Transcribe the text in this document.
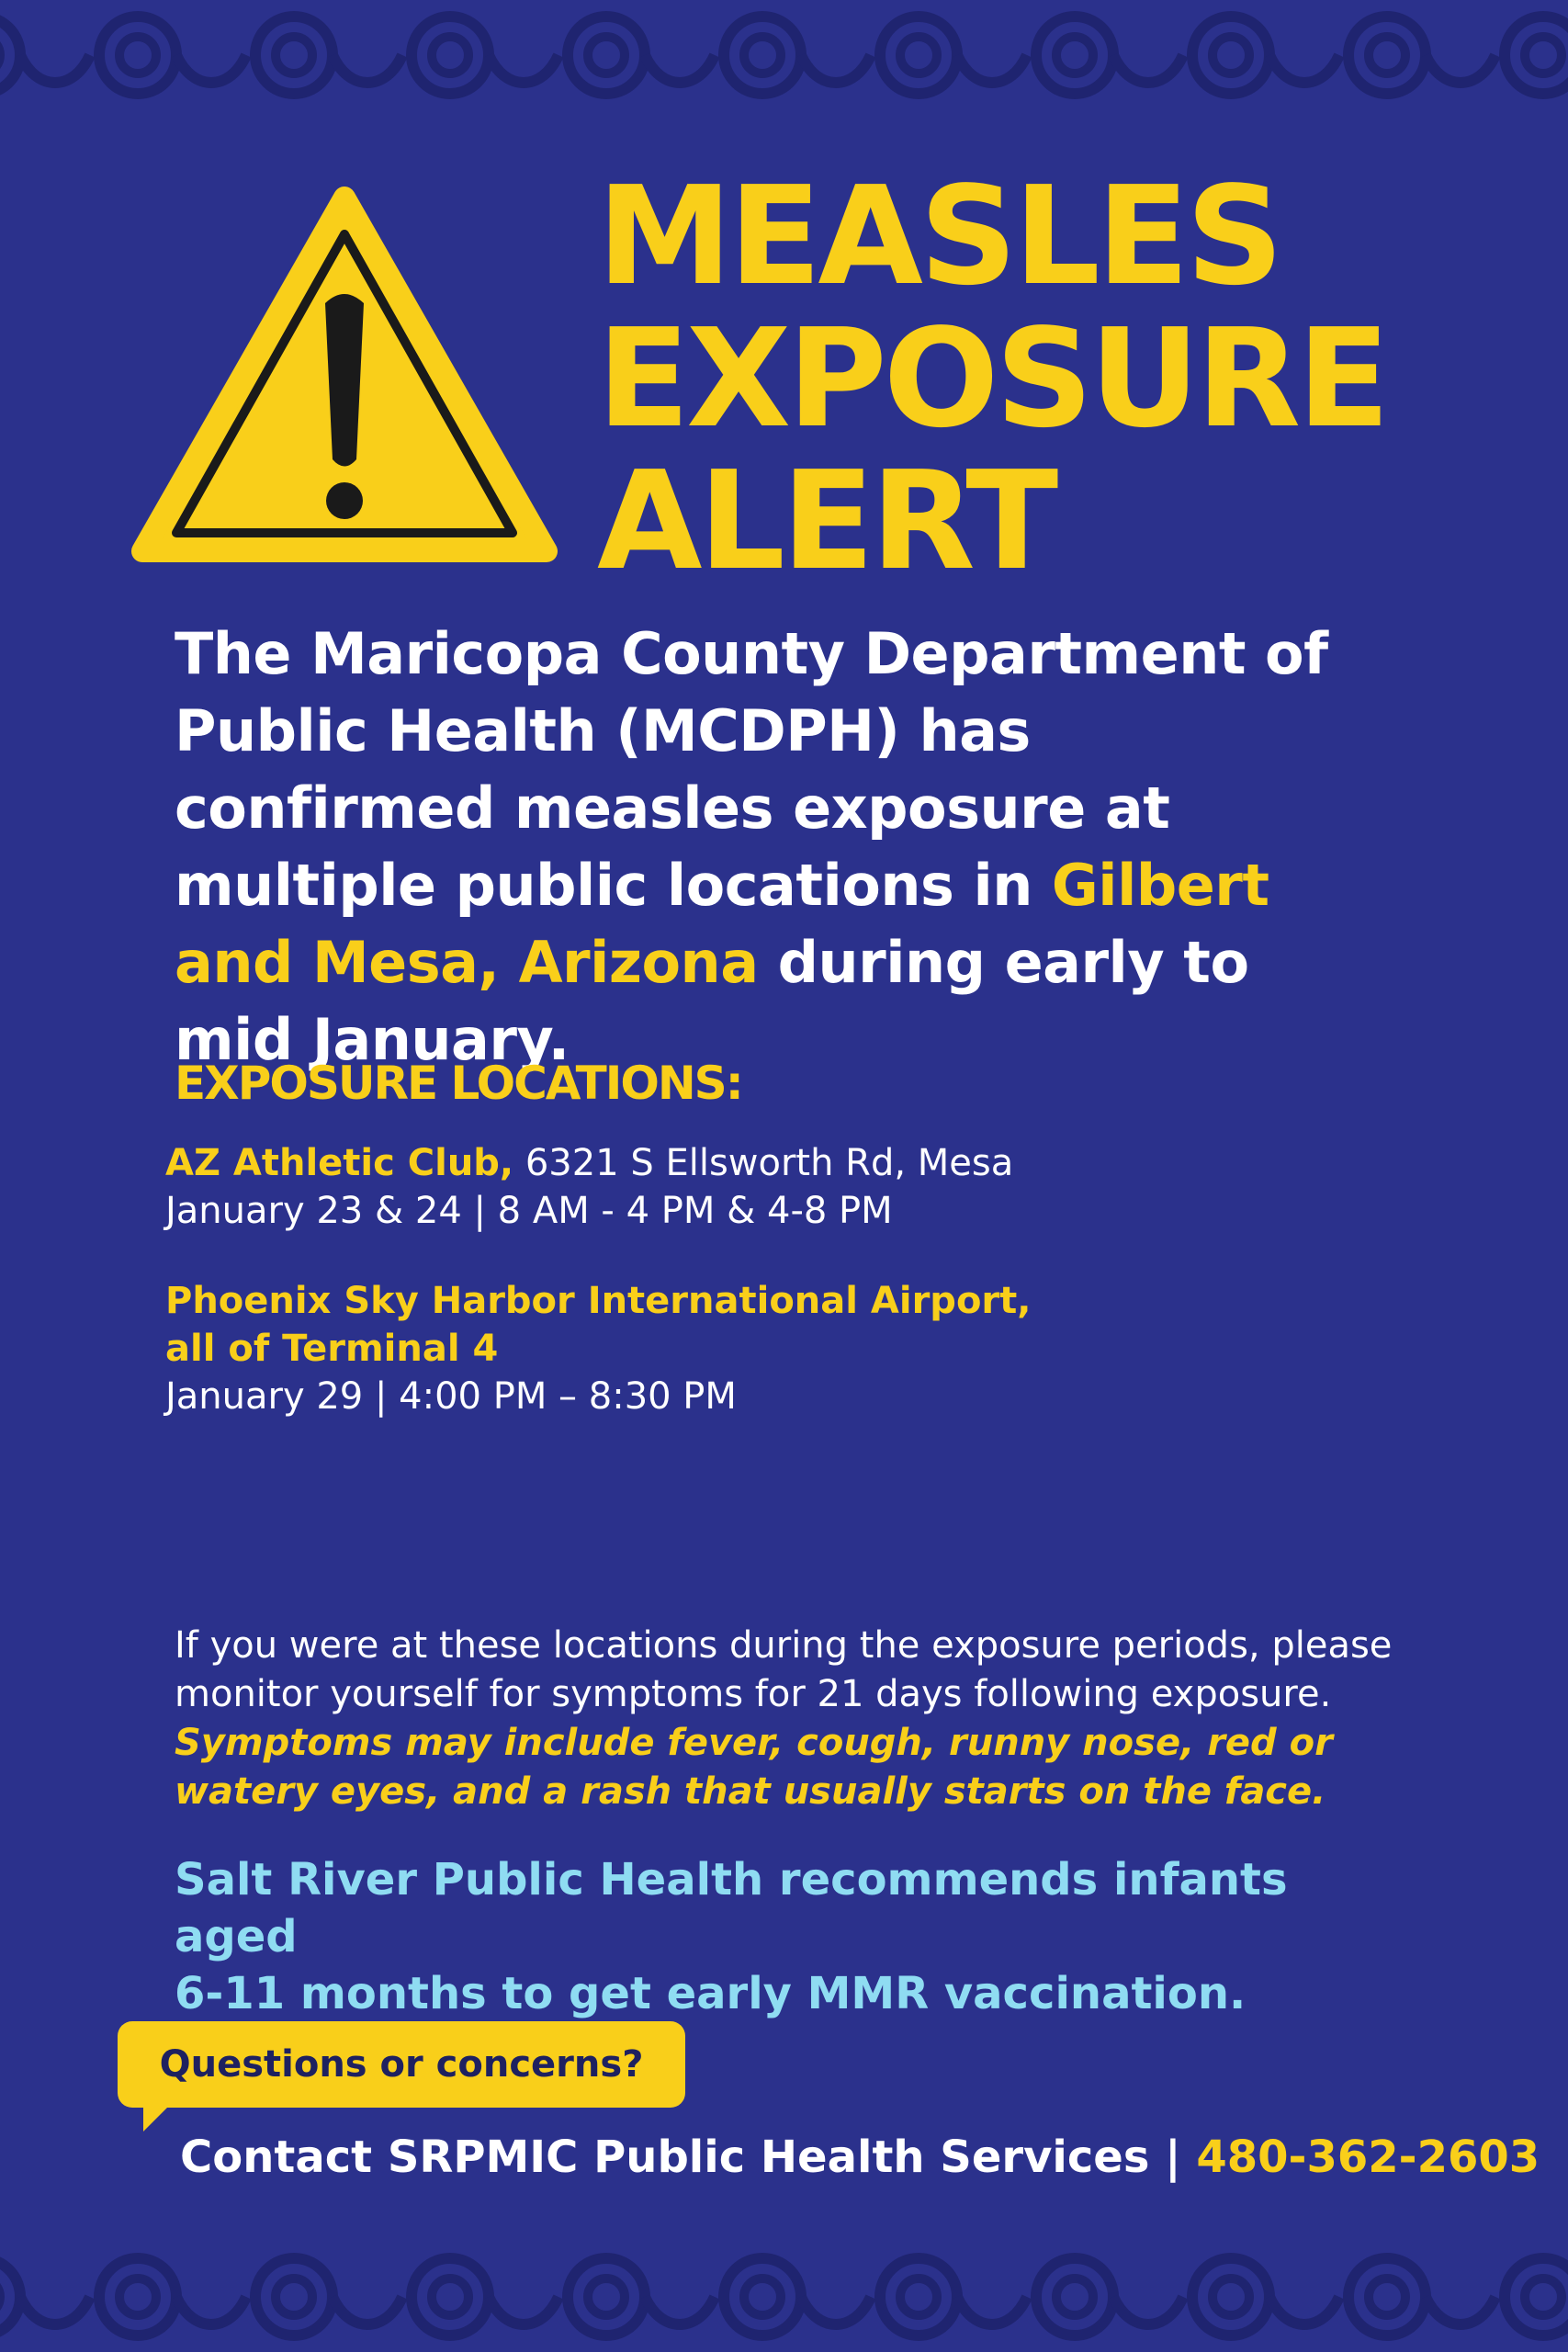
MEASLES
EXPOSURE
ALERT
The Maricopa County Department of Public Health (MCDPH) has confirmed measles exposure at multiple public locations in Gilbert and Mesa, Arizona during early to mid January.
EXPOSURE LOCATIONS:
AZ Athletic Club, 6321 S Ellsworth Rd, Mesa
January 23 & 24 | 8 AM - 4 PM & 4-8 PM
Phoenix Sky Harbor International Airport,
all of Terminal 4
January 29 | 4:00 PM – 8:30 PM
If you were at these locations during the exposure periods, please monitor yourself for symptoms for 21 days following exposure.
Symptoms may include fever, cough, runny nose, red or watery eyes, and a rash that usually starts on the face.
Salt River Public Health recommends infants aged
6-11 months to get early MMR vaccination.
Questions or concerns?
Contact SRPMIC Public Health Services | 480-362-2603
